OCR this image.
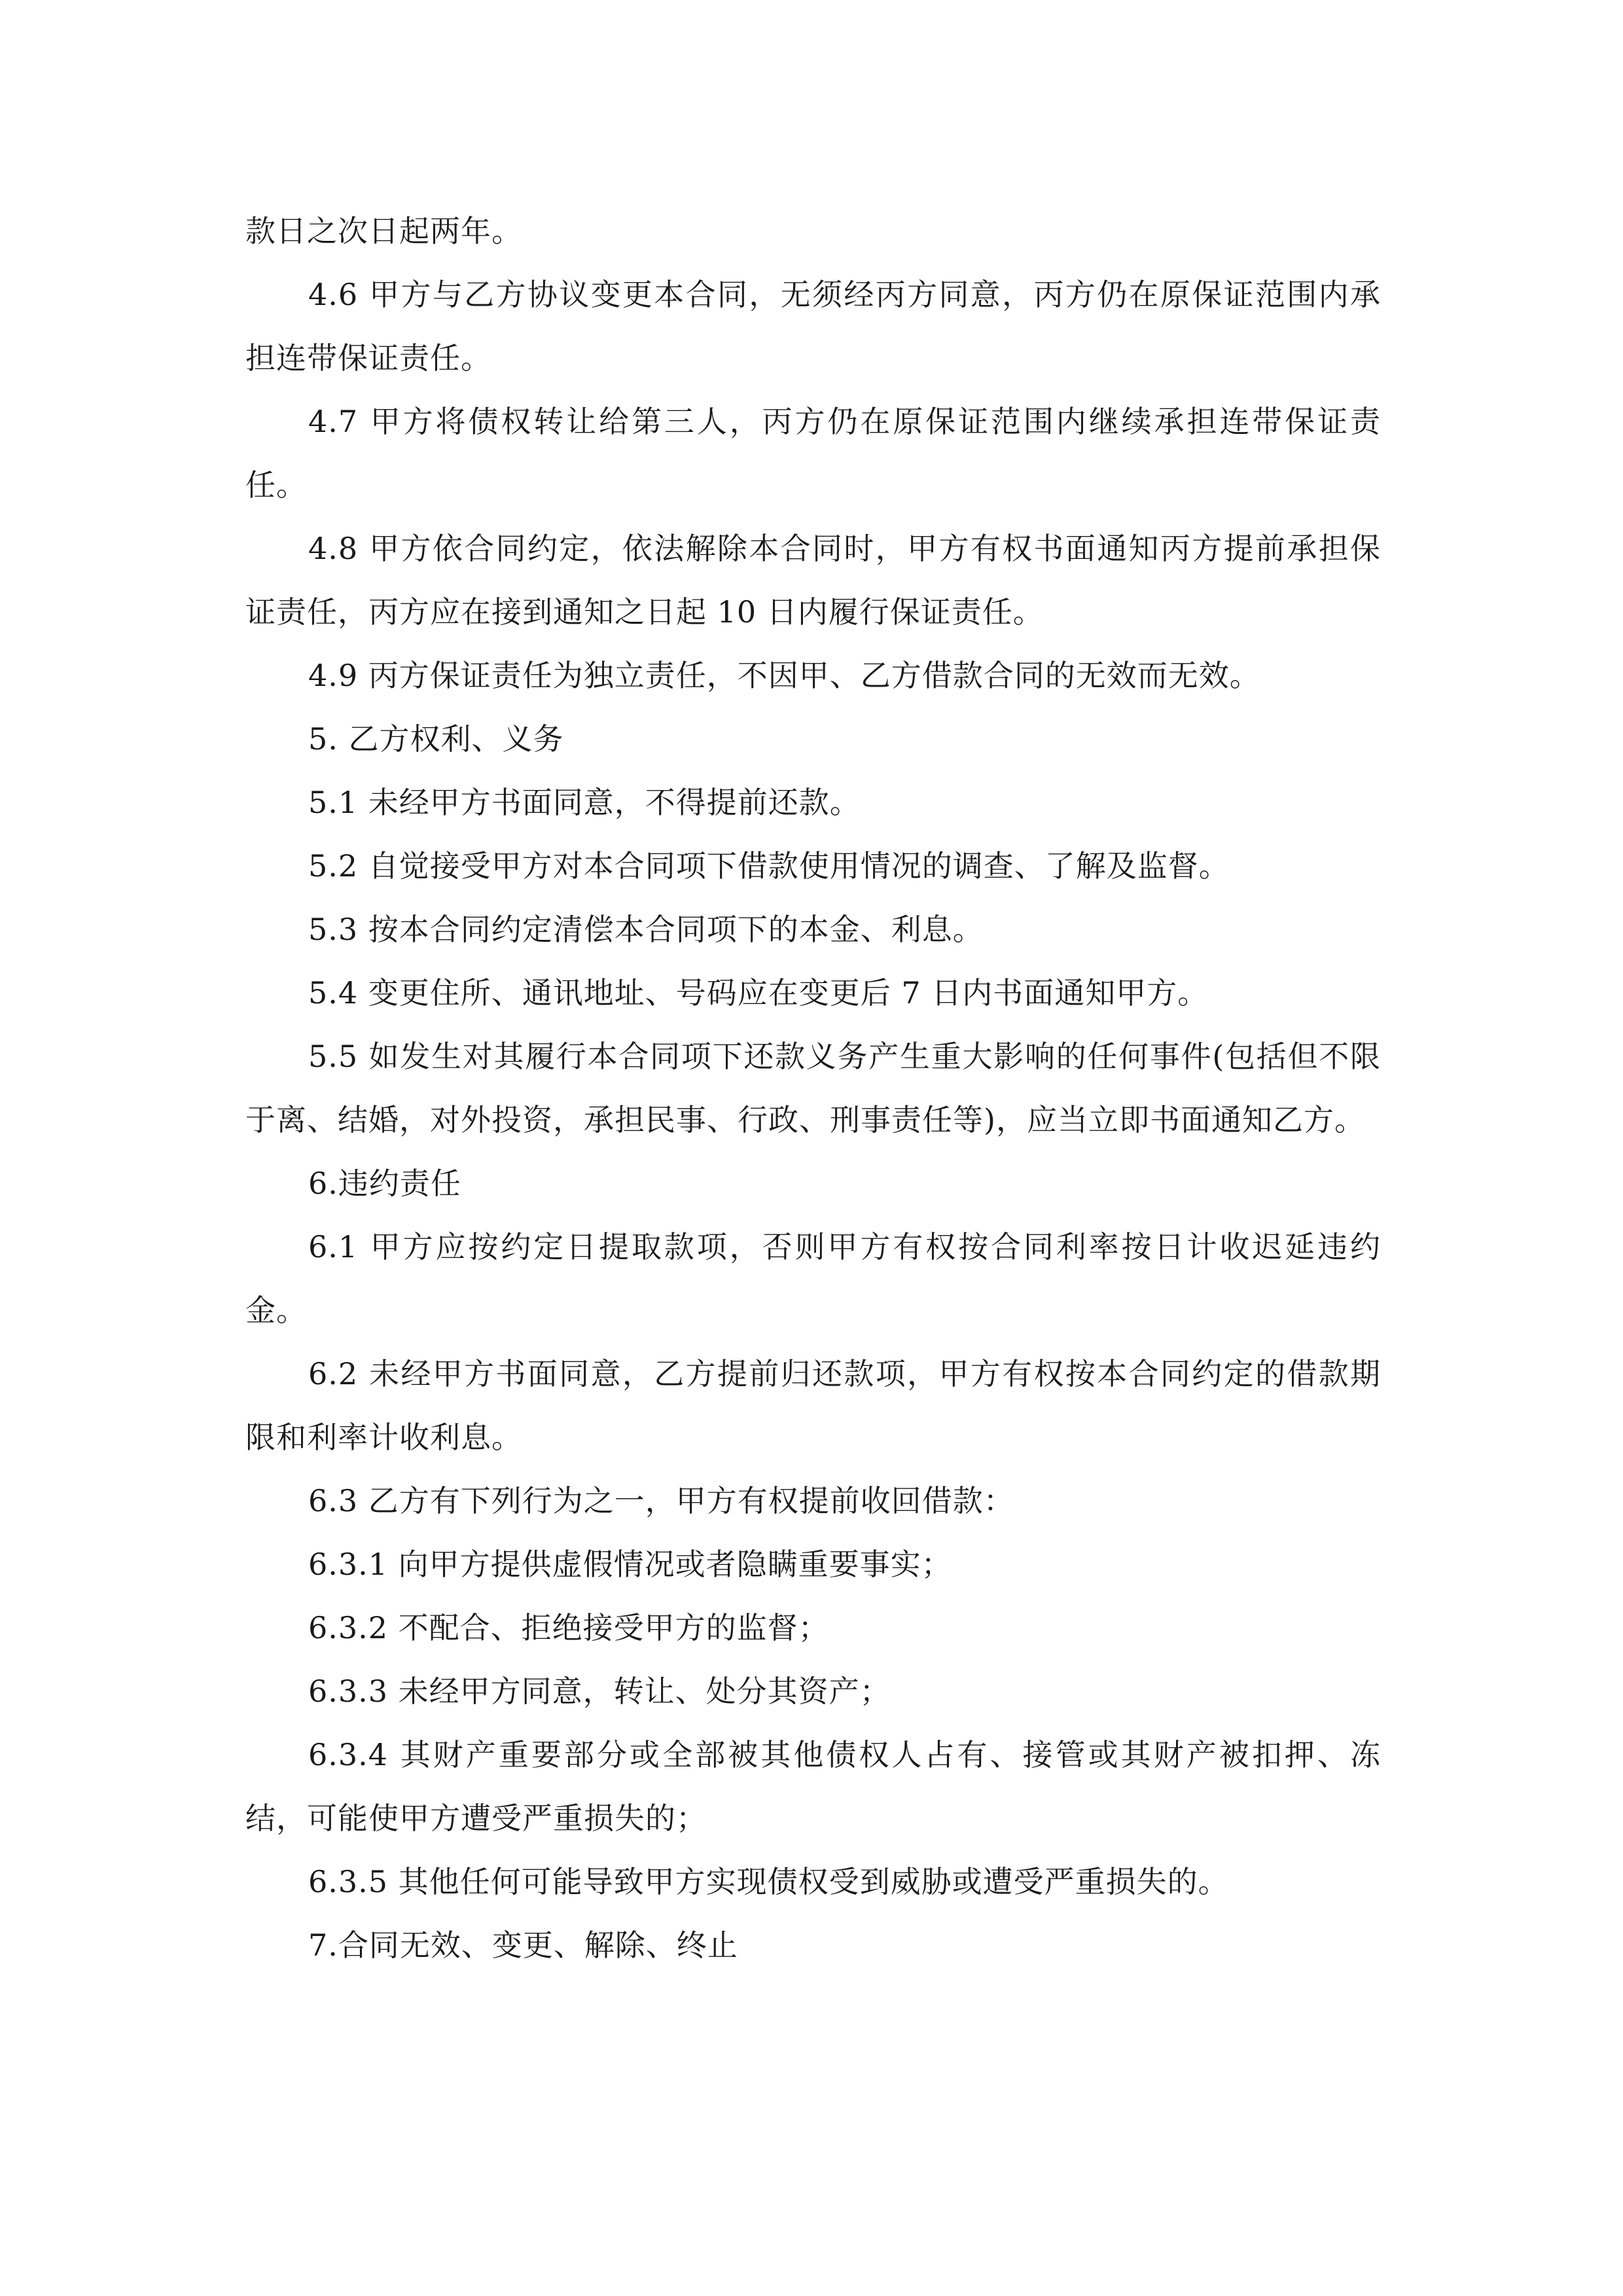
款日之次日起两年。

4.6 甲方与乙方协议变更本合同，无须经丙方同意，丙方仍在原保证范围内承担连带保证责任。

4.7 甲方将债权转让给第三人，丙方仍在原保证范围内继续承担连带保证责任。

4.8 甲方依合同约定，依法解除本合同时，甲方有权书面通知丙方提前承担保证责任，丙方应在接到通知之日起 10 日内履行保证责任。

4.9 丙方保证责任为独立责任，不因甲、乙方借款合同的无效而无效。

5. 乙方权利、义务

5.1 未经甲方书面同意，不得提前还款。

5.2 自觉接受甲方对本合同项下借款使用情况的调查、了解及监督。

5.3 按本合同约定清偿本合同项下的本金、利息。

5.4 变更住所、通讯地址、号码应在变更后 7 日内书面通知甲方。

5.5 如发生对其履行本合同项下还款义务产生重大影响的任何事件(包括但不限于离、结婚，对外投资，承担民事、行政、刑事责任等)，应当立即书面通知乙方。

6.违约责任

6.1 甲方应按约定日提取款项，否则甲方有权按合同利率按日计收迟延违约金。

6.2 未经甲方书面同意，乙方提前归还款项，甲方有权按本合同约定的借款期限和利率计收利息。

6.3 乙方有下列行为之一，甲方有权提前收回借款：

6.3.1 向甲方提供虚假情况或者隐瞒重要事实；

6.3.2 不配合、拒绝接受甲方的监督；

6.3.3 未经甲方同意，转让、处分其资产；

6.3.4 其财产重要部分或全部被其他债权人占有、接管或其财产被扣押、冻结，可能使甲方遭受严重损失的；

6.3.5 其他任何可能导致甲方实现债权受到威胁或遭受严重损失的。

7.合同无效、变更、解除、终止
